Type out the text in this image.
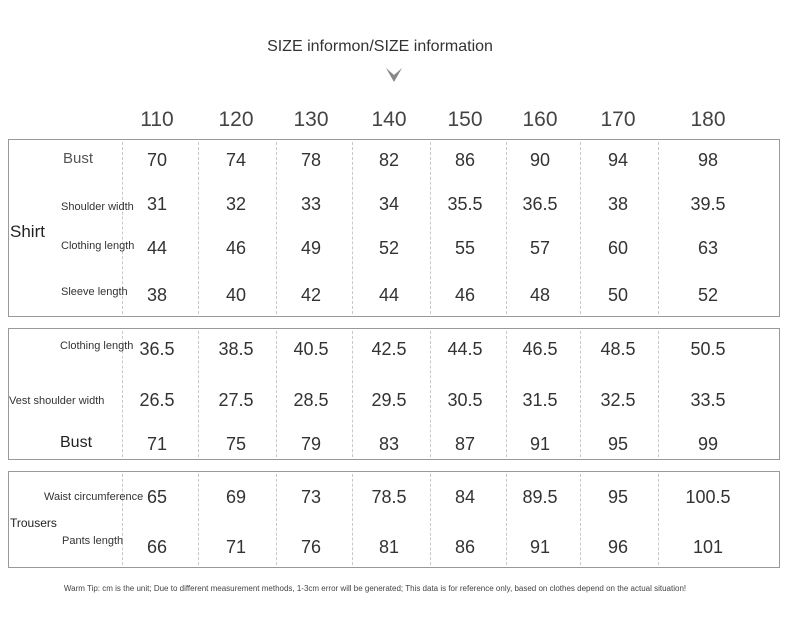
SIZE informon/SIZE information
Shirt
Trousers
Warm Tip: cm is the unit; Due to different measurement methods, 1-3cm error will be generated; This data is for reference only, based on clothes depend on the actual situation!
110	120	130	140	150	160	170	180
Bust	70	74	78	82	86	90	94	98
Shoulder width 31	32	33	34	35.5	36.5	38	39.5
Clothing length 44	46	49	52	55	57	60	63
Sleeve length	38	40	42	44	46	48	50	52
Clothing length 36.5	38.5	40.5	42.5	44.5	46.5	48.5	50.5
Vest shoulder width	26.5	27.5	28.5	29.5	30.5	31.5	32.5	33.5
Bust	71	75	79	83	87	91	95	99
Waist circumference 65	69	73	78.5	84	89.5	95	100.5
Pants length	66	71	76	81	86	91	96	101
